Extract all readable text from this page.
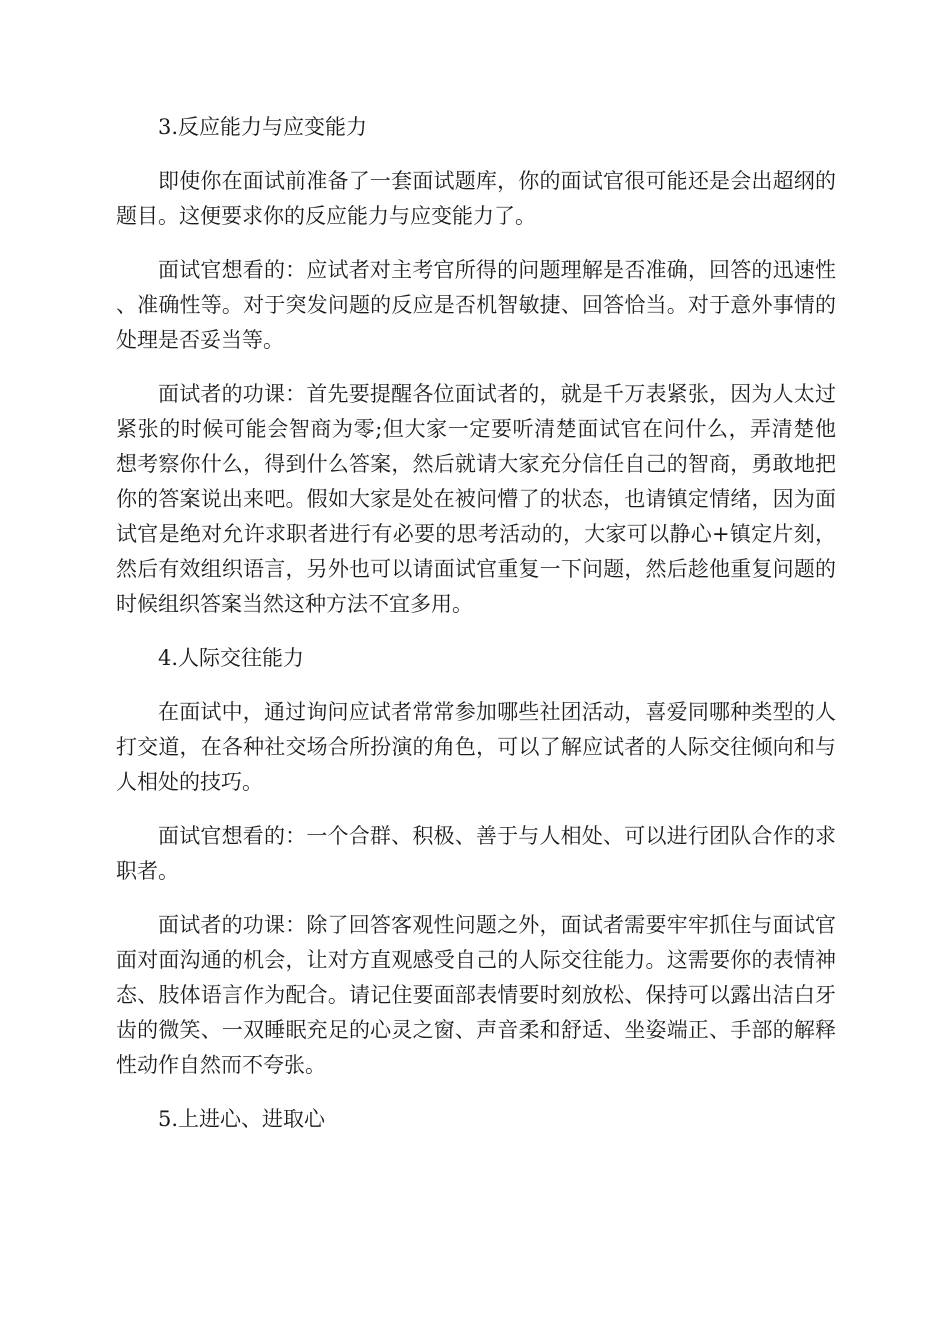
3.反应能力与应变能力

即使你在面试前准备了一套面试题库，你的面试官很可能还是会出超纲的题目。这便要求你的反应能力与应变能力了。

面试官想看的：应试者对主考官所得的问题理解是否准确，回答的迅速性、准确性等。对于突发问题的反应是否机智敏捷、回答恰当。对于意外事情的处理是否妥当等。

面试者的功课：首先要提醒各位面试者的，就是千万表紧张，因为人太过紧张的时候可能会智商为零;但大家一定要听清楚面试官在问什么，弄清楚他想考察你什么，得到什么答案，然后就请大家充分信任自己的智商，勇敢地把你的答案说出来吧。假如大家是处在被问懵了的状态，也请镇定情绪，因为面试官是绝对允许求职者进行有必要的思考活动的，大家可以静心+镇定片刻，然后有效组织语言，另外也可以请面试官重复一下问题，然后趁他重复问题的时候组织答案当然这种方法不宜多用。

4.人际交往能力

在面试中，通过询问应试者常常参加哪些社团活动，喜爱同哪种类型的人打交道，在各种社交场合所扮演的角色，可以了解应试者的人际交往倾向和与人相处的技巧。

面试官想看的：一个合群、积极、善于与人相处、可以进行团队合作的求职者。

面试者的功课：除了回答客观性问题之外，面试者需要牢牢抓住与面试官面对面沟通的机会，让对方直观感受自己的人际交往能力。这需要你的表情神态、肢体语言作为配合。请记住要面部表情要时刻放松、保持可以露出洁白牙齿的微笑、一双睡眠充足的心灵之窗、声音柔和舒适、坐姿端正、手部的解释性动作自然而不夸张。

5.上进心、进取心
